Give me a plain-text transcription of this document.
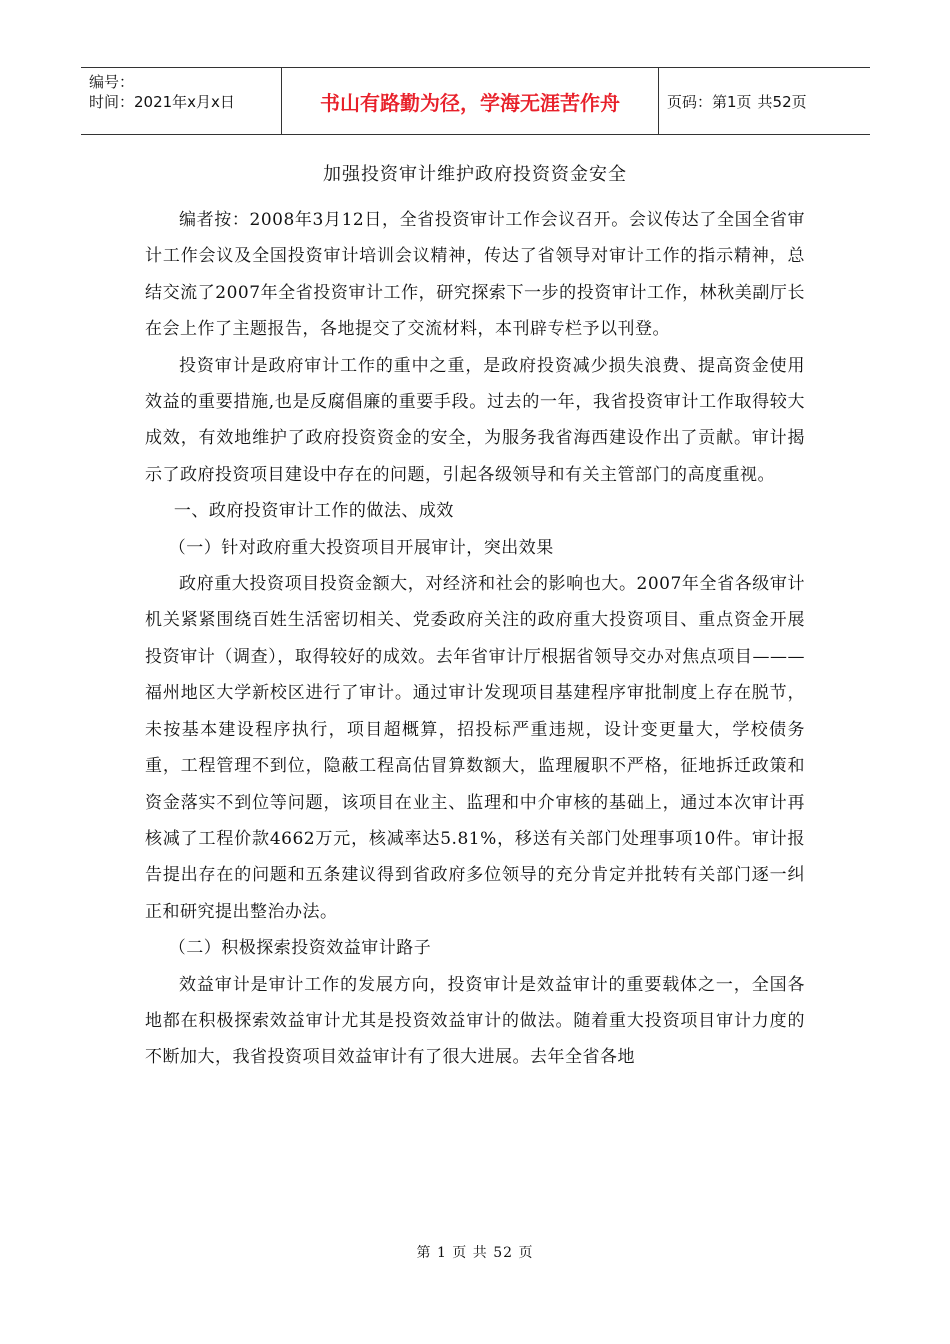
编号：
时间：2021年x月x日	书山有路勤为径，学海无涯苦作舟	页码：第1页 共52页
加强投资审计维护政府投资资金安全

编者按：2008年3月12日，全省投资审计工作会议召开。会议传达了全国全省审计工作会议及全国投资审计培训会议精神，传达了省领导对审计工作的指示精神，总结交流了2007年全省投资审计工作，研究探索下一步的投资审计工作，林秋美副厅长在会上作了主题报告，各地提交了交流材料，本刊辟专栏予以刊登。

投资审计是政府审计工作的重中之重，是政府投资减少损失浪费、提高资金使用效益的重要措施,也是反腐倡廉的重要手段。过去的一年，我省投资审计工作取得较大成效，有效地维护了政府投资资金的安全，为服务我省海西建设作出了贡献。审计揭示了政府投资项目建设中存在的问题，引起各级领导和有关主管部门的高度重视。

一、政府投资审计工作的做法、成效

（一）针对政府重大投资项目开展审计，突出效果

政府重大投资项目投资金额大，对经济和社会的影响也大。2007年全省各级审计机关紧紧围绕百姓生活密切相关、党委政府关注的政府重大投资项目、重点资金开展投资审计（调查），取得较好的成效。去年省审计厅根据省领导交办对焦点项目———福州地区大学新校区进行了审计。通过审计发现项目基建程序审批制度上存在脱节，未按基本建设程序执行，项目超概算，招投标严重违规，设计变更量大，学校债务重，工程管理不到位，隐蔽工程高估冒算数额大，监理履职不严格，征地拆迁政策和资金落实不到位等问题，该项目在业主、监理和中介审核的基础上，通过本次审计再核减了工程价款4662万元，核减率达5.81%，移送有关部门处理事项10件。审计报告提出存在的问题和五条建议得到省政府多位领导的充分肯定并批转有关部门逐一纠正和研究提出整治办法。

（二）积极探索投资效益审计路子

效益审计是审计工作的发展方向，投资审计是效益审计的重要载体之一，全国各地都在积极探索效益审计尤其是投资效益审计的做法。随着重大投资项目审计力度的不断加大，我省投资项目效益审计有了很大进展。去年全省各地

第 1 页 共 52 页
